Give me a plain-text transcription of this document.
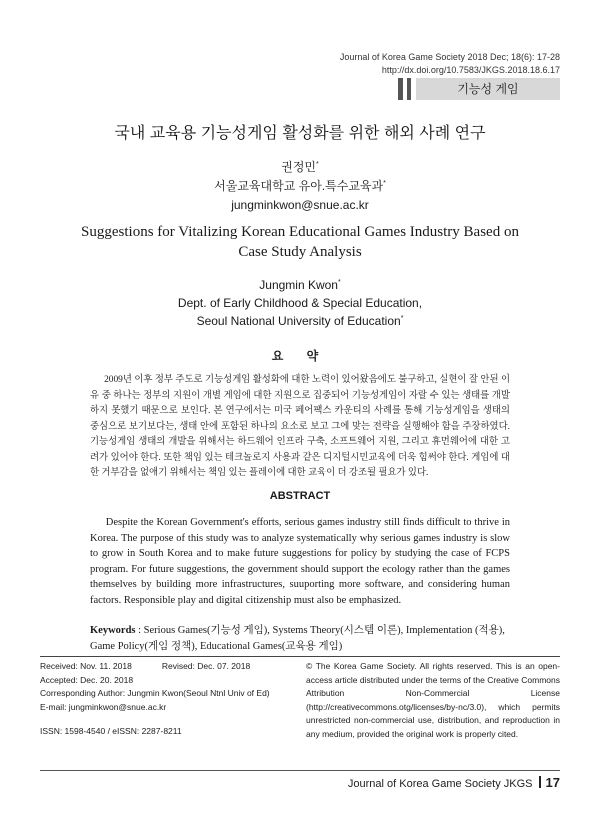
Journal of Korea Game Society 2018 Dec; 18(6): 17-28
http://dx.doi.org/10.7583/JKGS.2018.18.6.17
기능성 게임
국내 교육용 기능성게임 활성화를 위한 해외 사례 연구
권정민*
서울교육대학교 유아.특수교육과*
jungminkwon@snue.ac.kr
Suggestions for Vitalizing Korean Educational Games Industry Based on Case Study Analysis
Jungmin Kwon*
Dept. of Early Childhood & Special Education,
Seoul National University of Education*
요 약
2009년 이후 정부 주도로 기능성게임 활성화에 대한 노력이 있어왔음에도 불구하고, 실현이 잘 안된 이유 중 하나는 정부의 지원이 개별 게임에 대한 지원으로 집중되어 기능성게임이 자랄 수 있는 생태를 개발하지 못했기 때문으로 보인다. 본 연구에서는 미국 페어팩스 카운티의 사례를 통해 기능성게임을 생태의 중심으로 보기보다는, 생태 안에 포함된 하나의 요소로 보고 그에 맞는 전략을 실행해야 함을 주장하였다. 기능성게임 생태의 개발을 위해서는 하드웨어 인프라 구축, 소프트웨어 지원, 그리고 휴먼웨어에 대한 고려가 있어야 한다. 또한 책임 있는 테크놀로지 사용과 같은 디지털시민교육에 더욱 힘써야 한다. 게임에 대한 거부감을 없애기 위해서는 책임 있는 플레이에 대한 교육이 더 강조될 필요가 있다.
ABSTRACT
Despite the Korean Government's efforts, serious games industry still finds difficult to thrive in Korea. The purpose of this study was to analyze systematically why serious games industry is slow to grow in South Korea and to make future suggestions for policy by studying the case of FCPS program. For future suggestions, the government should support the ecology rather than the games themselves by building more infrastructures, suuporting more software, and considering human factors. Responsible play and digital citizenship must also be emphasized.
Keywords : Serious Games(기능성 게임), Systems Theory(시스템 이론), Implementation (적용), Game Policy(게임 정책), Educational Games(교육용 게임)
Received: Nov. 11. 2018	Revised: Dec. 07. 2018
Accepted: Dec. 20. 2018
Corresponding Author: Jungmin Kwon(Seoul Ntnl Univ of Ed)
E-mail: jungminkwon@snue.ac.kr
ISSN: 1598-4540 / eISSN: 2287-8211
© The Korea Game Society. All rights reserved. This is an open-access article distributed under the terms of the Creative Commons Attribution Non-Commercial License (http://creativecommons.otg/licenses/by-nc/3.0), which permits unrestricted non-commercial use, distribution, and reproduction in any medium, provided the original work is properly cited.
Journal of Korea Game Society JKGS 17
